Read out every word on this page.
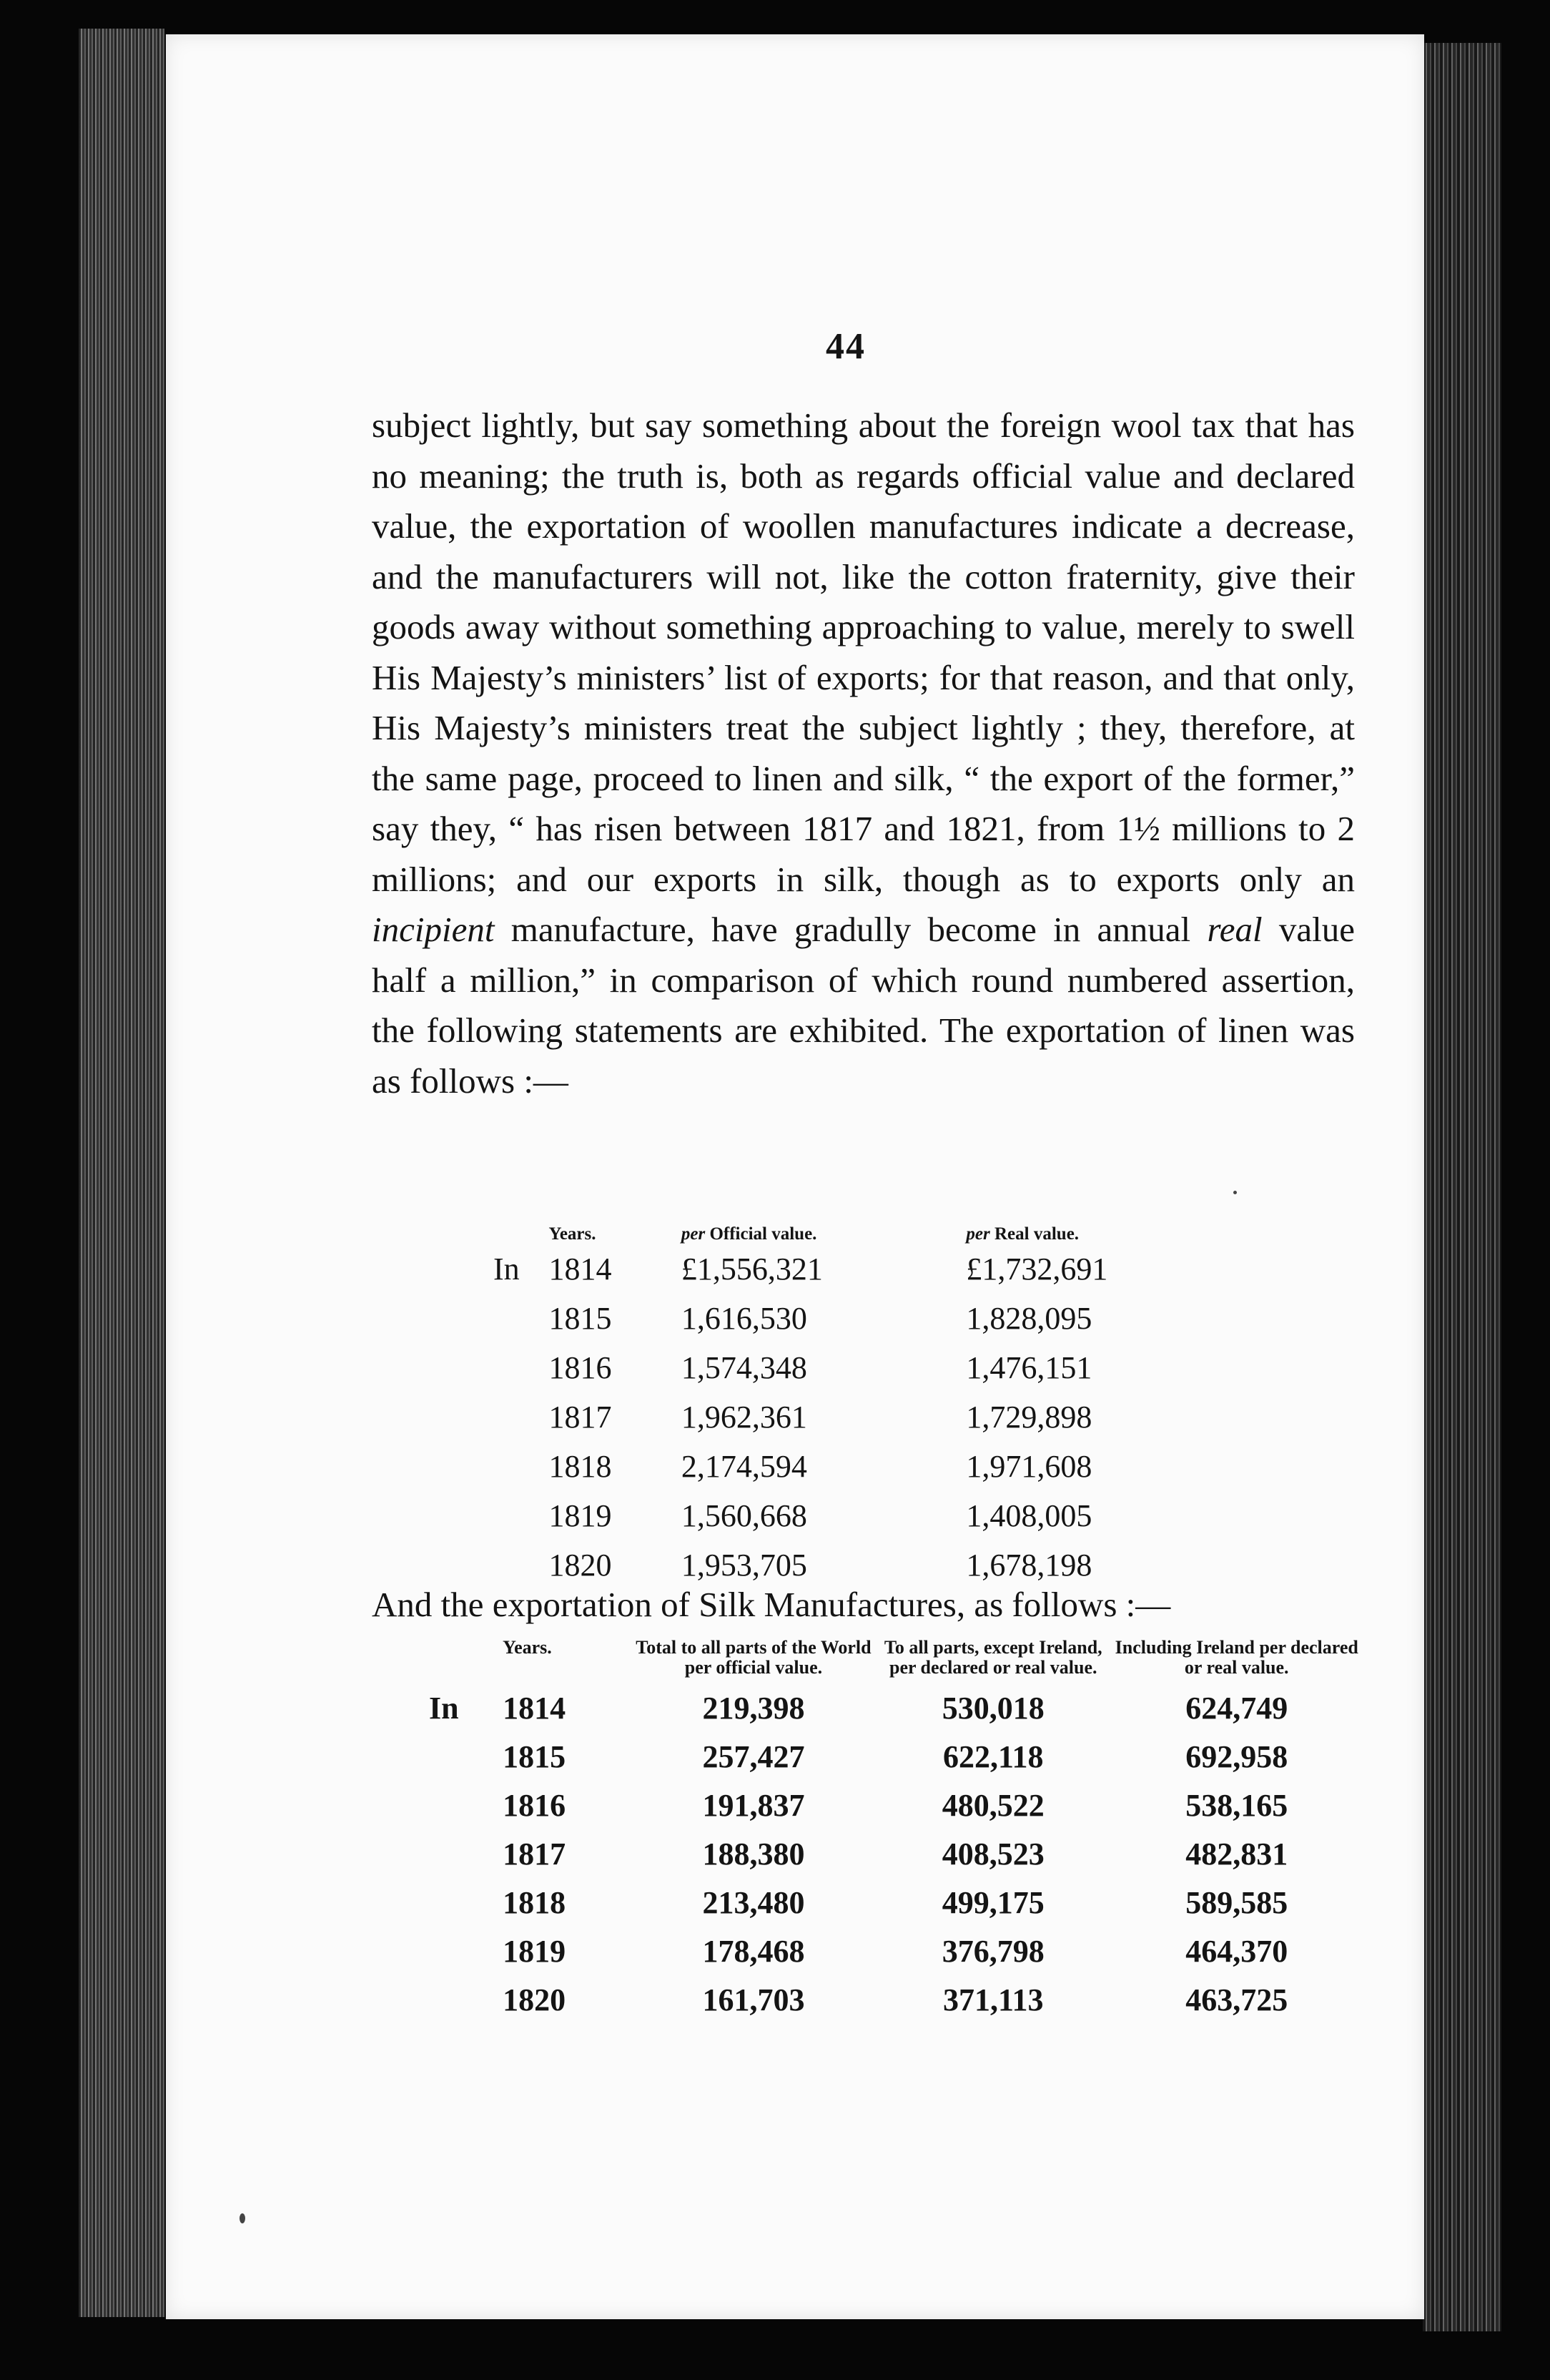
44

subject lightly, but say something about the foreign wool tax that has no meaning; the truth is, both as regards official value and declared value, the exportation of woollen manufactures indicate a decrease, and the manufacturers will not, like the cotton fraternity, give their goods away without something approaching to value, merely to swell His Majesty’s ministers’ list of exports; for that reason, and that only, His Majesty’s ministers treat the subject lightly ; they, therefore, at the same page, proceed to linen and silk, “ the export of the former,” say they, “ has risen between 1817 and 1821, from 1½ millions to 2 millions; and our exports in silk, though as to exports only an incipient manufacture, have gradully become in annual real value half a million,” in comparison of which round numbered assertion, the following statements are exhibited. The exportation of linen was as follows :—

	Years.	per Official value.	per Real value.
In	1814	£1,556,321	£1,732,691
	1815	1,616,530	1,828,095
	1816	1,574,348	1,476,151
	1817	1,962,361	1,729,898
	1818	2,174,594	1,971,608
	1819	1,560,668	1,408,005
	1820	1,953,705	1,678,198

And the exportation of Silk Manufactures, as follows :—

	Years.	Total to all parts of the World per official value.	To all parts, except Ireland, per declared or real value.	Including Ireland per declared or real value.
In	1814	219,398	530,018	624,749
	1815	257,427	622,118	692,958
	1816	191,837	480,522	538,165
	1817	188,380	408,523	482,831
	1818	213,480	499,175	589,585
	1819	178,468	376,798	464,370
	1820	161,703	371,113	463,725
